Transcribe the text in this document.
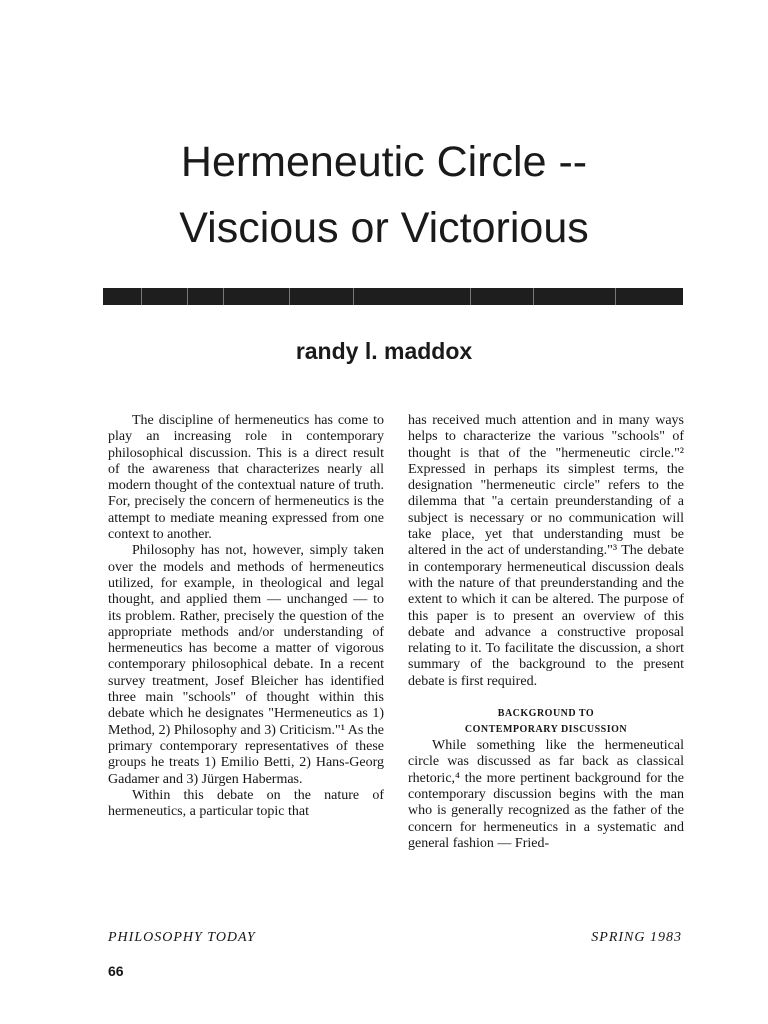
Hermeneutic Circle --
Viscious or Victorious
randy l. maddox

The discipline of hermeneutics has come to play an increasing role in contemporary philosophical discussion. This is a direct result of the awareness that characterizes nearly all modern thought of the contextual nature of truth. For, precisely the concern of hermeneutics is the attempt to mediate meaning expressed from one context to another.

Philosophy has not, however, simply taken over the models and methods of hermeneutics utilized, for example, in theological and legal thought, and applied them — unchanged — to its problem. Rather, precisely the question of the appropriate methods and/or understanding of hermeneutics has become a matter of vigorous contemporary philosophical debate. In a recent survey treatment, Josef Bleicher has identified three main "schools" of thought within this debate which he designates "Hermeneutics as 1) Method, 2) Philosophy and 3) Criticism."¹ As the primary contemporary representatives of these groups he treats 1) Emilio Betti, 2) Hans-Georg Gadamer and 3) Jürgen Habermas.

Within this debate on the nature of hermeneutics, a particular topic that

has received much attention and in many ways helps to characterize the various "schools" of thought is that of the "hermeneutic circle."² Expressed in perhaps its simplest terms, the designation "hermeneutic circle" refers to the dilemma that "a certain preunderstanding of a subject is necessary or no communication will take place, yet that understanding must be altered in the act of understanding."³ The debate in contemporary hermeneutical discussion deals with the nature of that preunderstanding and the extent to which it can be altered. The purpose of this paper is to present an overview of this debate and advance a constructive proposal relating to it. To facilitate the discussion, a short summary of the background to the present debate is first required.

BACKGROUND TO

CONTEMPORARY DISCUSSION

While something like the hermeneutical circle was discussed as far back as classical rhetoric,⁴ the more pertinent background for the contemporary discussion begins with the man who is generally recognized as the father of the concern for hermeneutics in a systematic and general fashion — Fried-

PHILOSOPHY TODAY	SPRING 1983
66
